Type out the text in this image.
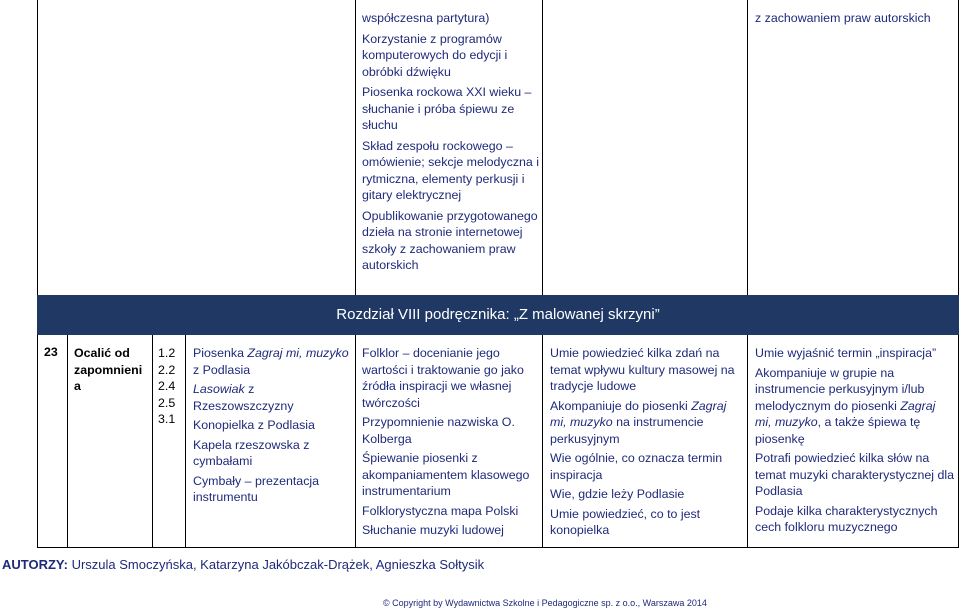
Rozdział VIII podręcznika: „Z malowanej skrzyni”

współczesna partytura)

Korzystanie z programów komputerowych do edycji i obróbki dźwięku

Piosenka rockowa XXI wieku – słuchanie i próba śpiewu ze słuchu

Skład zespołu rockowego – omówienie; sekcje melodyczna i rytmiczna, elementy perkusji i gitary elektrycznej

Opublikowanie przygotowanego dzieła na stronie internetowej szkoły z zachowaniem praw autorskich

z zachowaniem praw autorskich

23 Ocalić od zapomnieni a

1.2

2.2

2.4

2.5

3.1

Piosenka Zagraj mi, muzyko z Podlasia

Lasowiak z Rzeszowszczyzny

Konopielka z Podlasia

Kapela rzeszowska z cymbałami

Cymbały – prezentacja instrumentu

Folklor – docenianie jego wartości i traktowanie go jako źródła inspiracji we własnej twórczości

Przypomnienie nazwiska O. Kolberga

Śpiewanie piosenki z akompaniamentem klasowego instrumentarium

Folklorystyczna mapa Polski

Słuchanie muzyki ludowej

Umie powiedzieć kilka zdań na temat wpływu kultury masowej na tradycje ludowe

Akompaniuje do piosenki Zagraj mi, muzyko na instrumencie perkusyjnym

Wie ogólnie, co oznacza termin inspiracja

Wie, gdzie leży Podlasie

Umie powiedzieć, co to jest konopielka

Umie wyjaśnić termin „inspiracja”

Akompaniuje w grupie na instrumencie perkusyjnym i/lub melodycznym do piosenki Zagraj mi, muzyko, a także śpiewa tę piosenkę

Potrafi powiedzieć kilka słów na temat muzyki charakterystycznej dla Podlasia

Podaje kilka charakterystycznych cech folkloru muzycznego

AUTORZY: Urszula Smoczyńska, Katarzyna Jakóbczak-Drążek, Agnieszka Sołtysik
© Copyright by Wydawnictwa Szkolne i Pedagogiczne sp. z o.o., Warszawa 2014
